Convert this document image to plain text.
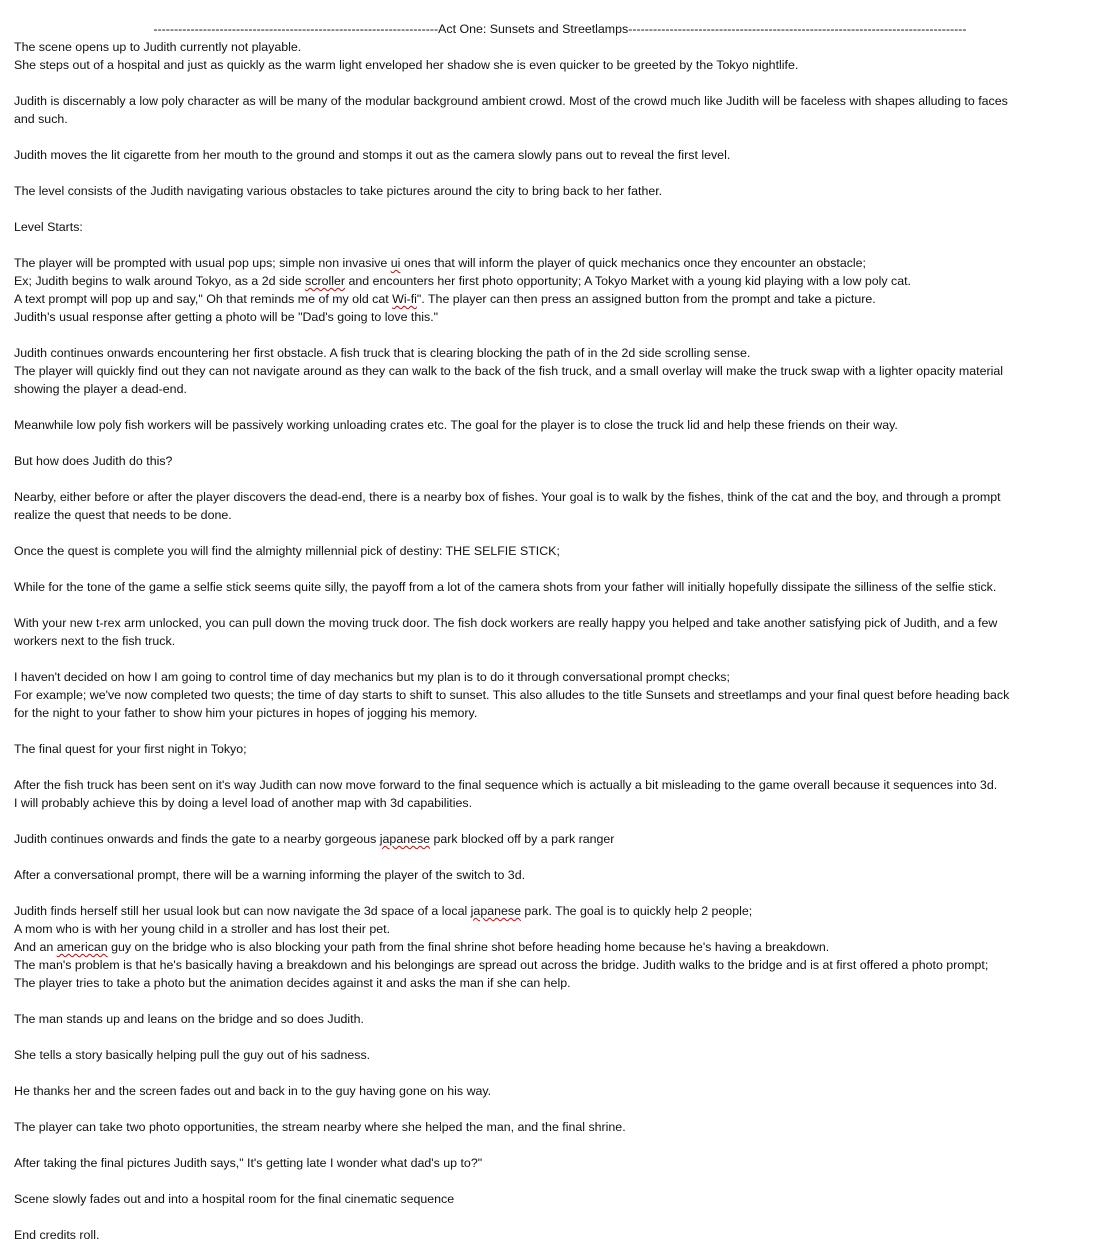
---------------------------------------------------------------------Act One: Sunsets and Streetlamps----------------------------------------------------------------------------------
The scene opens up to Judith currently not playable.
She steps out of a hospital and just as quickly as the warm light enveloped her shadow she is even quicker to be greeted by the Tokyo nightlife.
Judith is discernably a low poly character as will be many of the modular background ambient crowd. Most of the crowd much like Judith will be faceless with shapes alluding to faces
and such.
Judith moves the lit cigarette from her mouth to the ground and stomps it out as the camera slowly pans out to reveal the first level.
The level consists of the Judith navigating various obstacles to take pictures around the city to bring back to her father.
Level Starts:
The player will be prompted with usual pop ups; simple non invasive ui ones that will inform the player of quick mechanics once they encounter an obstacle;
Ex; Judith begins to walk around Tokyo, as a 2d side scroller and encounters her first photo opportunity; A Tokyo Market with a young kid playing with a low poly cat.
A text prompt will pop up and say," Oh that reminds me of my old cat Wi-fi". The player can then press an assigned button from the prompt and take a picture.
Judith's usual response after getting a photo will be "Dad's going to love this."
Judith continues onwards encountering her first obstacle. A fish truck that is clearing blocking the path of in the 2d side scrolling sense.
The player will quickly find out they can not navigate around as they can walk to the back of the fish truck, and a small overlay will make the truck swap with a lighter opacity material
showing the player a dead-end.
Meanwhile low poly fish workers will be passively working unloading crates etc. The goal for the player is to close the truck lid and help these friends on their way.
But how does Judith do this?
Nearby, either before or after the player discovers the dead-end, there is a nearby box of fishes. Your goal is to walk by the fishes, think of the cat and the boy, and through a prompt
realize the quest that needs to be done.
Once the quest is complete you will find the almighty millennial pick of destiny: THE SELFIE STICK;
While for the tone of the game a selfie stick seems quite silly, the payoff from a lot of the camera shots from your father will initially hopefully dissipate the silliness of the selfie stick.
With your new t-rex arm unlocked, you can pull down the moving truck door. The fish dock workers are really happy you helped and take another satisfying pick of Judith, and a few
workers next to the fish truck.
I haven't decided on how I am going to control time of day mechanics but my plan is to do it through conversational prompt checks;
For example; we've now completed two quests; the time of day starts to shift to sunset. This also alludes to the title Sunsets and streetlamps and your final quest before heading back
for the night to your father to show him your pictures in hopes of jogging his memory.
The final quest for your first night in Tokyo;
After the fish truck has been sent on it's way Judith can now move forward to the final sequence which is actually a bit misleading to the game overall because it sequences into 3d.
I will probably achieve this by doing a level load of another map with 3d capabilities.
Judith continues onwards and finds the gate to a nearby gorgeous japanese park blocked off by a park ranger
After a conversational prompt, there will be a warning informing the player of the switch to 3d.
Judith finds herself still her usual look but can now navigate the 3d space of a local japanese park. The goal is to quickly help 2 people;
A mom who is with her young child in a stroller and has lost their pet.
And an american guy on the bridge who is also blocking your path from the final shrine shot before heading home because he's having a breakdown.
The man's problem is that he's basically having a breakdown and his belongings are spread out across the bridge. Judith walks to the bridge and is at first offered a photo prompt;
The player tries to take a photo but the animation decides against it and asks the man if she can help.
The man stands up and leans on the bridge and so does Judith.
She tells a story basically helping pull the guy out of his sadness.
He thanks her and the screen fades out and back in to the guy having gone on his way.
The player can take two photo opportunities, the stream nearby where she helped the man, and the final shrine.
After taking the final pictures Judith says," It's getting late I wonder what dad's up to?"
Scene slowly fades out and into a hospital room for the final cinematic sequence
End credits roll.
